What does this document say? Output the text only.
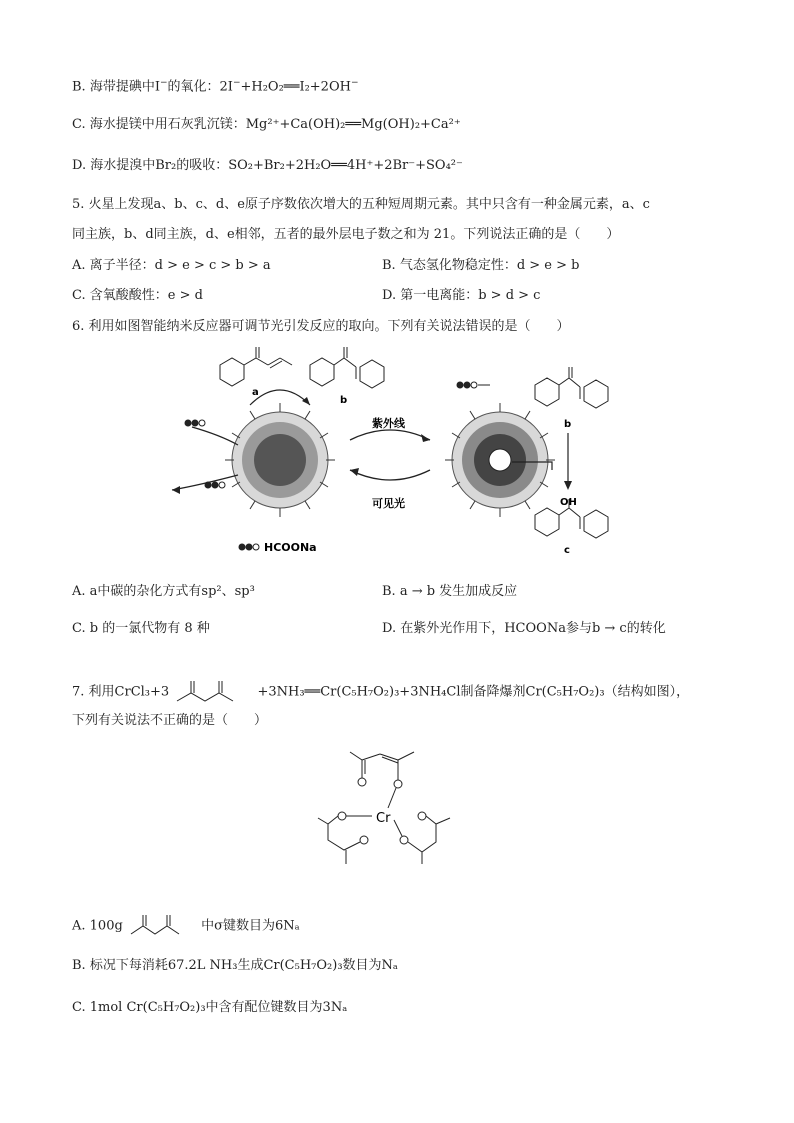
B. 海带提碘中I−的氧化：2I−+H₂O₂══I₂+2OH−
C. 海水提镁中用石灰乳沉镁：Mg²⁺+Ca(OH)₂══Mg(OH)₂+Ca²⁺
D. 海水提溴中Br₂的吸收：SO₂+Br₂+2H₂O══4H⁺+2Br⁻+SO₄²⁻
5. 火星上发现a、b、c、d、e原子序数依次增大的五种短周期元素。其中只含有一种金属元素，a、c
同主族，b、d同主族，d、e相邻，五者的最外层电子数之和为 21。下列说法正确的是（　　）
A. 离子半径：d > e > c > b > a	B. 气态氢化物稳定性：d > e > b
C. 含氧酸酸性：e > d	D. 第一电离能：b > d > c
6. 利用如图智能纳米反应器可调节光引发反应的取向。下列有关说法错误的是（　　）
a
b
紫外线
可见光
b
OH
c
HCOONa
A. a中碳的杂化方式有sp²、sp³	B. a → b 发生加成反应
C. b 的一氯代物有 8 种	D. 在紫外光作用下，HCOONa参与b → c的转化
7. 利用CrCl₃+3	+3NH₃══Cr(C₅H₇O₂)₃+3NH₄Cl制备降爆剂Cr(C₅H₇O₂)₃（结构如图），
下列有关说法不正确的是（　　）
Cr
A. 100g	中σ键数目为6Nₐ
B. 标况下每消耗67.2L NH₃生成Cr(C₅H₇O₂)₃数目为Nₐ
C. 1mol Cr(C₅H₇O₂)₃中含有配位键数目为3Nₐ
